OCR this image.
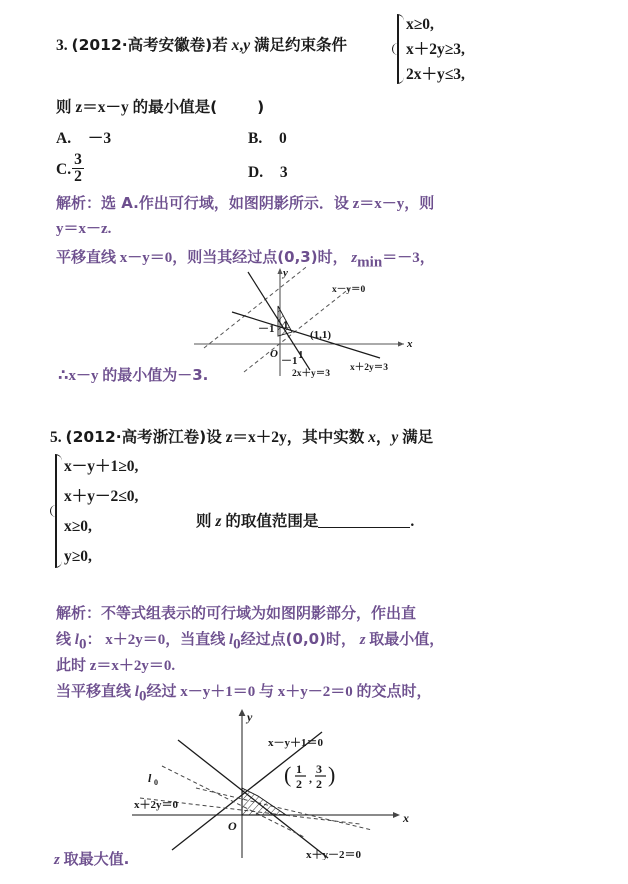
3. (2012·高考安徽卷)若 x,y 满足约束条件
x≥0,
x＋2y≥3,
2x＋y≤3,
则 z＝x－y 的最小值是(	)
A. －3	B. 0
C. $\frac{3}{2}$	D. 3
解析：选 A.作出可行域，如图阴影所示．设 z＝x－y，则
y＝x－z.
平移直线 x－y＝0，则当其经过点(0,3)时， zmin＝－3，
1
1
－1
－1
O
x
y
x－y＝0
x＋2y＝3
2x＋y＝3
(1,1)
∴x－y 的最小值为－3.
5. (2012·高考浙江卷)设 z＝x＋2y，其中实数 x，y 满足
x－y＋1≥0,
x＋y－2≤0,
x≥0,
y≥0,
则 z 的取值范围是	.
解析：不等式组表示的可行域为如图阴影部分，作出直
线 l0： x＋2y＝0，当直线 l0经过点(0,0)时， z 取最小值，
此时 z＝x＋2y＝0.
当平移直线 l0经过 x－y＋1＝0 与 x＋y－2＝0 的交点时，
O
x
y
x－y＋1＝0
x＋y－2＝0
x＋2y＝0
l 0	( 1
2 ,
3
2 )
z 取最大值.
